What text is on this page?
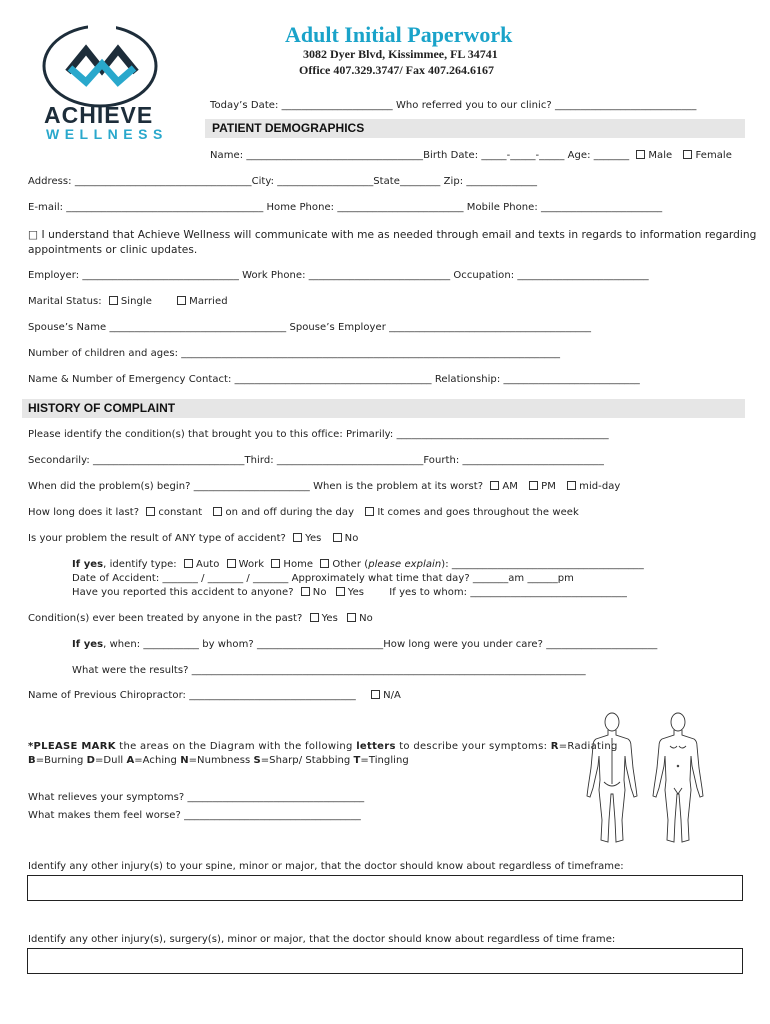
ACHIEVE
WELLNESS
Adult Initial Paperwork
3082 Dyer Blvd, Kissimmee, FL 34741
Office 407.329.3747/ Fax 407.264.6167
Today’s Date: ______________________ Who referred you to our clinic? ____________________________
PATIENT DEMOGRAPHICS
Name: ___________________________________Birth Date: _____-_____-_____ Age: _______ Male Female
Address: ___________________________________City: ___________________State________ Zip: ______________
E-mail: _______________________________________ Home Phone: _________________________ Mobile Phone: ________________________
□ I understand that Achieve Wellness will communicate with me as needed through email and texts in regards to information regarding
appointments or clinic updates.
Employer: _______________________________ Work Phone: ____________________________ Occupation: __________________________
Marital Status: Single	Married
Spouse’s Name ___________________________________ Spouse’s Employer ________________________________________
Number of children and ages: ___________________________________________________________________________
Name & Number of Emergency Contact: _______________________________________ Relationship: ___________________________
HISTORY OF COMPLAINT
Please identify the condition(s) that brought you to this office: Primarily: __________________________________________
Secondarily: ______________________________Third: _____________________________Fourth: ____________________________
When did the problem(s) begin? _______________________ When is the problem at its worst? AM PM mid-day
How long does it last? constant on and off during the day It comes and goes throughout the week
Is your problem the result of ANY type of accident? Yes No
If yes, identify type: Auto Work Home Other (please explain): ______________________________________
Date of Accident: _______ / _______ / _______ Approximately what time that day? _______am ______pm
Have you reported this accident to anyone? No Yes	If yes to whom: _______________________________
Condition(s) ever been treated by anyone in the past? Yes No
If yes, when: ___________ by whom? _________________________How long were you under care? ______________________
What were the results? ______________________________________________________________________________
Name of Previous Chiropractor: _________________________________	N/A
*PLEASE MARK the areas on the Diagram with the following letters to describe your symptoms: R=Radiating
B=Burning D=Dull A=Aching N=Numbness S=Sharp/ Stabbing T=Tingling
What relieves your symptoms? ___________________________________
What makes them feel worse? ___________________________________
Identify any other injury(s) to your spine, minor or major, that the doctor should know about regardless of timeframe:
Identify any other injury(s), surgery(s), minor or major, that the doctor should know about regardless of time frame:
